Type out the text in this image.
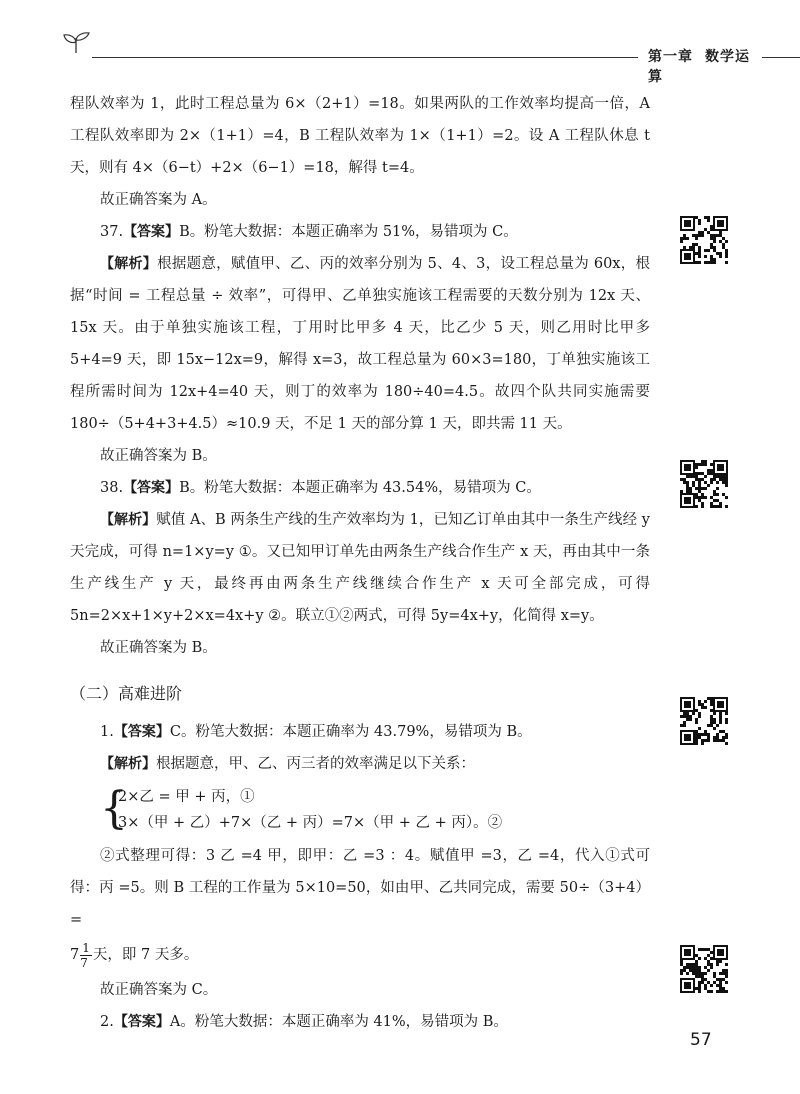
第一章 数学运算

程队效率为 1，此时工程总量为 6×（2+1）=18。如果两队的工作效率均提高一倍，A 工程队效率即为 2×（1+1）=4，B 工程队效率为 1×（1+1）=2。设 A 工程队休息 t 天，则有 4×（6−t）+2×（6−1）=18，解得 t=4。

故正确答案为 A。

37.【答案】B。粉笔大数据：本题正确率为 51%，易错项为 C。

【解析】根据题意，赋值甲、乙、丙的效率分别为 5、4、3，设工程总量为 60x，根据“时间 = 工程总量 ÷ 效率”，可得甲、乙单独实施该工程需要的天数分别为 12x 天、15x 天。由于单独实施该工程，丁用时比甲多 4 天，比乙少 5 天，则乙用时比甲多 5+4=9 天，即 15x−12x=9，解得 x=3，故工程总量为 60×3=180，丁单独实施该工程所需时间为 12x+4=40 天，则丁的效率为 180÷40=4.5。故四个队共同实施需要 180÷（5+4+3+4.5）≈10.9 天，不足 1 天的部分算 1 天，即共需 11 天。

故正确答案为 B。

38.【答案】B。粉笔大数据：本题正确率为 43.54%，易错项为 C。

【解析】赋值 A、B 两条生产线的生产效率均为 1，已知乙订单由其中一条生产线经 y 天完成，可得 n=1×y=y ①。又已知甲订单先由两条生产线合作生产 x 天，再由其中一条生产线生产 y 天，最终再由两条生产线继续合作生产 x 天可全部完成，可得 5n=2×x+1×y+2×x=4x+y ②。联立①②两式，可得 5y=4x+y，化简得 x=y。

故正确答案为 B。

（二）高难进阶

1.【答案】C。粉笔大数据：本题正确率为 43.79%，易错项为 B。

【解析】根据题意，甲、乙、丙三者的效率满足以下关系：

{
2×乙 = 甲 + 丙，①
3×（甲 + 乙）+7×（乙 + 丙）=7×（甲 + 乙 + 丙）。②

②式整理可得：3 乙 =4 甲，即甲：乙 =3 ：4。赋值甲 =3，乙 =4，代入①式可得：丙 =5。则 B 工程的工作量为 5×10=50，如由甲、乙共同完成，需要 50÷（3+4）=

$7 \frac{1}{7}$ 天，即 7 天多。

故正确答案为 C。

2.【答案】A。粉笔大数据：本题正确率为 41%，易错项为 B。

57
